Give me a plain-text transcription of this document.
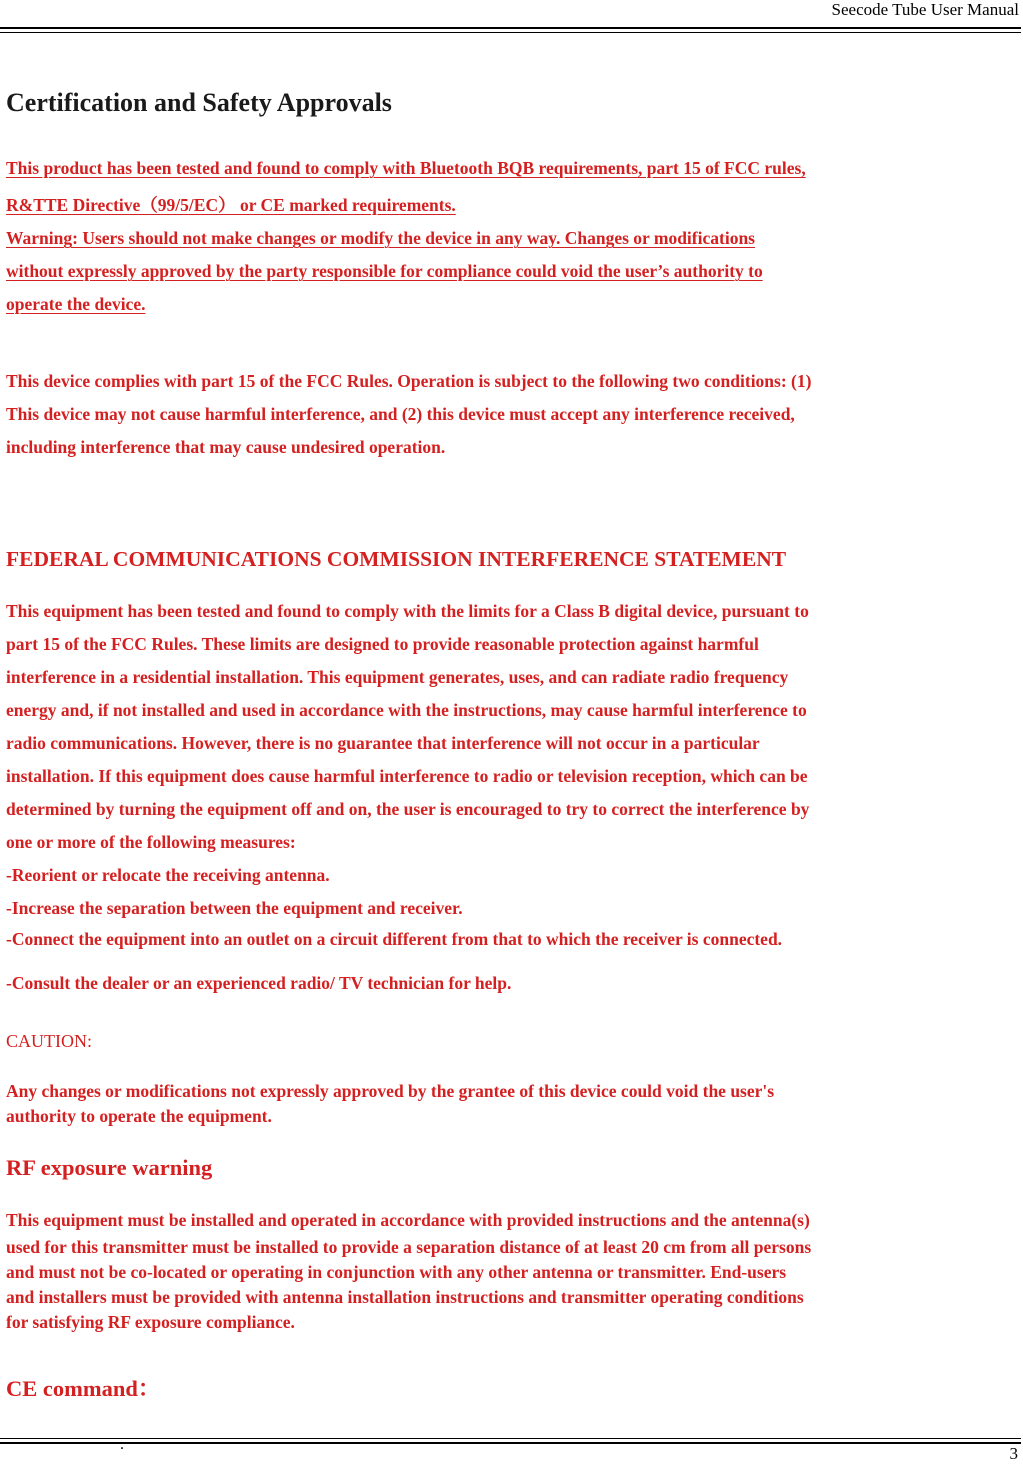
Seecode Tube User Manual
Certification and Safety Approvals
This product has been tested and found to comply with Bluetooth BQB requirements, part 15 of FCC rules,
R&TTE Directive（99/5/EC） or CE marked requirements.
Warning: Users should not make changes or modify the device in any way. Changes or modifications
without expressly approved by the party responsible for compliance could void the user’s authority to
operate the device.
This device complies with part 15 of the FCC Rules. Operation is subject to the following two conditions: (1)
This device may not cause harmful interference, and (2) this device must accept any interference received,
including interference that may cause undesired operation.
FEDERAL COMMUNICATIONS COMMISSION INTERFERENCE STATEMENT
This equipment has been tested and found to comply with the limits for a Class B digital device, pursuant to
part 15 of the FCC Rules. These limits are designed to provide reasonable protection against harmful
interference in a residential installation. This equipment generates, uses, and can radiate radio frequency
energy and, if not installed and used in accordance with the instructions, may cause harmful interference to
radio communications. However, there is no guarantee that interference will not occur in a particular
installation. If this equipment does cause harmful interference to radio or television reception, which can be
determined by turning the equipment off and on, the user is encouraged to try to correct the interference by
one or more of the following measures:
-Reorient or relocate the receiving antenna.
-Increase the separation between the equipment and receiver.
-Connect the equipment into an outlet on a circuit different from that to which the receiver is connected.
-Consult the dealer or an experienced radio/ TV technician for help.
CAUTION:
Any changes or modifications not expressly approved by the grantee of this device could void the user's
authority to operate the equipment.
RF exposure warning
This equipment must be installed and operated in accordance with provided instructions and the antenna(s)
used for this transmitter must be installed to provide a separation distance of at least 20 cm from all persons
and must not be co-located or operating in conjunction with any other antenna or transmitter. End-users
and installers must be provided with antenna installation instructions and transmitter operating conditions
for satisfying RF exposure compliance.
CE command：
.	3
